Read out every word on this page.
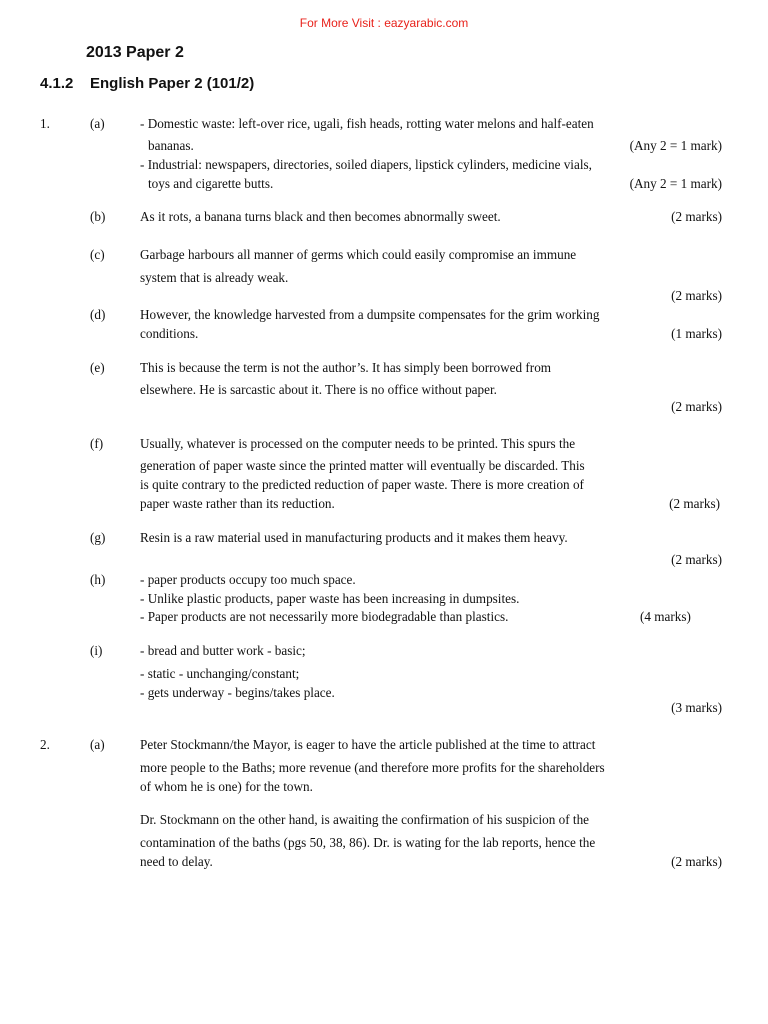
For More Visit : eazyarabic.com
2013 Paper 2
4.1.2 English Paper 2 (101/2)
1.	(a)	- Domestic waste: left-over rice, ugali, fish heads, rotting water melons and half-eaten
bananas.	(Any 2 = 1 mark)
- Industrial: newspapers, directories, soiled diapers, lipstick cylinders, medicine vials,
toys and cigarette butts.	(Any 2 = 1 mark)
(b)	As it rots, a banana turns black and then becomes abnormally sweet.	(2 marks)
(c)	Garbage harbours all manner of germs which could easily compromise an immune
system that is already weak.
(2 marks)
(d)	However, the knowledge harvested from a dumpsite compensates for the grim working
conditions.	(1 marks)
(e)	This is because the term is not the author’s. It has simply been borrowed from
elsewhere. He is sarcastic about it. There is no office without paper.
(2 marks)
(f)	Usually, whatever is processed on the computer needs to be printed. This spurs the
generation of paper waste since the printed matter will eventually be discarded. This
is quite contrary to the predicted reduction of paper waste. There is more creation of
paper waste rather than its reduction.	(2 marks)
(g)	Resin is a raw material used in manufacturing products and it makes them heavy.
(2 marks)
(h)	- paper products occupy too much space.
- Unlike plastic products, paper waste has been increasing in dumpsites.
- Paper products are not necessarily more biodegradable than plastics.	(4 marks)
(i)	- bread and butter work - basic;
- static - unchanging/constant;
- gets underway - begins/takes place.
(3 marks)
2.	(a)	Peter Stockmann/the Mayor, is eager to have the article published at the time to attract
more people to the Baths; more revenue (and therefore more profits for the shareholders
of whom he is one) for the town.
Dr. Stockmann on the other hand, is awaiting the confirmation of his suspicion of the
contamination of the baths (pgs 50, 38, 86). Dr. is wating for the lab reports, hence the
need to delay.	(2 marks)
